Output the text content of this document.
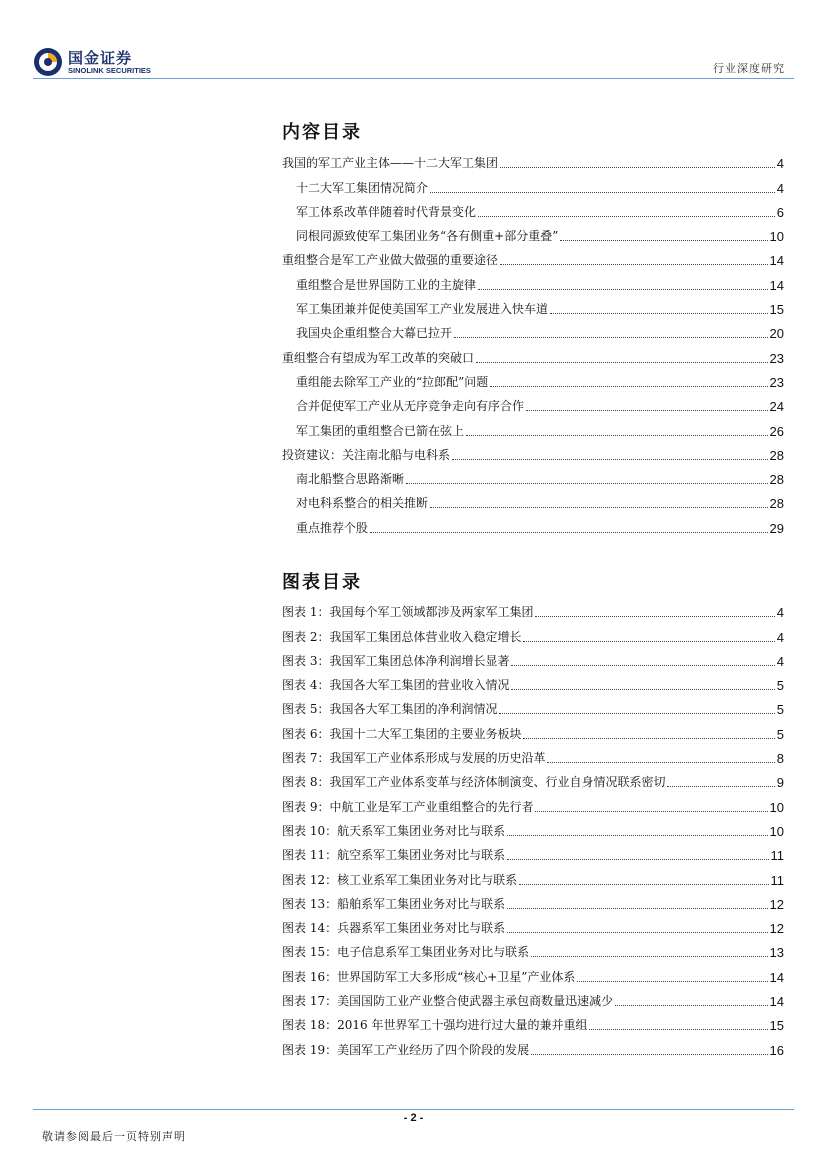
国金证券
SINOLINK SECURITIES	行业深度研究
内容目录
我国的军工产业主体——十二大军工集团	4
十二大军工集团情况简介	4
军工体系改革伴随着时代背景变化	6
同根同源致使军工集团业务“各有侧重+部分重叠”	10
重组整合是军工产业做大做强的重要途径	14
重组整合是世界国防工业的主旋律	14
军工集团兼并促使美国军工产业发展进入快车道	15
我国央企重组整合大幕已拉开	20
重组整合有望成为军工改革的突破口	23
重组能去除军工产业的“拉郎配”问题	23
合并促使军工产业从无序竞争走向有序合作	24
军工集团的重组整合已箭在弦上	26
投资建议：关注南北船与电科系	28
南北船整合思路渐晰	28
对电科系整合的相关推断	28
重点推荐个股	29
图表目录
图表 1：我国每个军工领域都涉及两家军工集团	4
图表 2：我国军工集团总体营业收入稳定增长	4
图表 3：我国军工集团总体净利润增长显著	4
图表 4：我国各大军工集团的营业收入情况	5
图表 5：我国各大军工集团的净利润情况	5
图表 6：我国十二大军工集团的主要业务板块	5
图表 7：我国军工产业体系形成与发展的历史沿革	8
图表 8：我国军工产业体系变革与经济体制演变、行业自身情况联系密切	9
图表 9：中航工业是军工产业重组整合的先行者	10
图表 10：航天系军工集团业务对比与联系	10
图表 11：航空系军工集团业务对比与联系	11
图表 12：核工业系军工集团业务对比与联系	11
图表 13：船舶系军工集团业务对比与联系	12
图表 14：兵器系军工集团业务对比与联系	12
图表 15：电子信息系军工集团业务对比与联系	13
图表 16：世界国防军工大多形成“核心+卫星”产业体系	14
图表 17：美国国防工业产业整合使武器主承包商数量迅速减少	14
图表 18：2016 年世界军工十强均进行过大量的兼并重组	15
图表 19：美国军工产业经历了四个阶段的发展	16
- 2 -
敬请参阅最后一页特别声明
